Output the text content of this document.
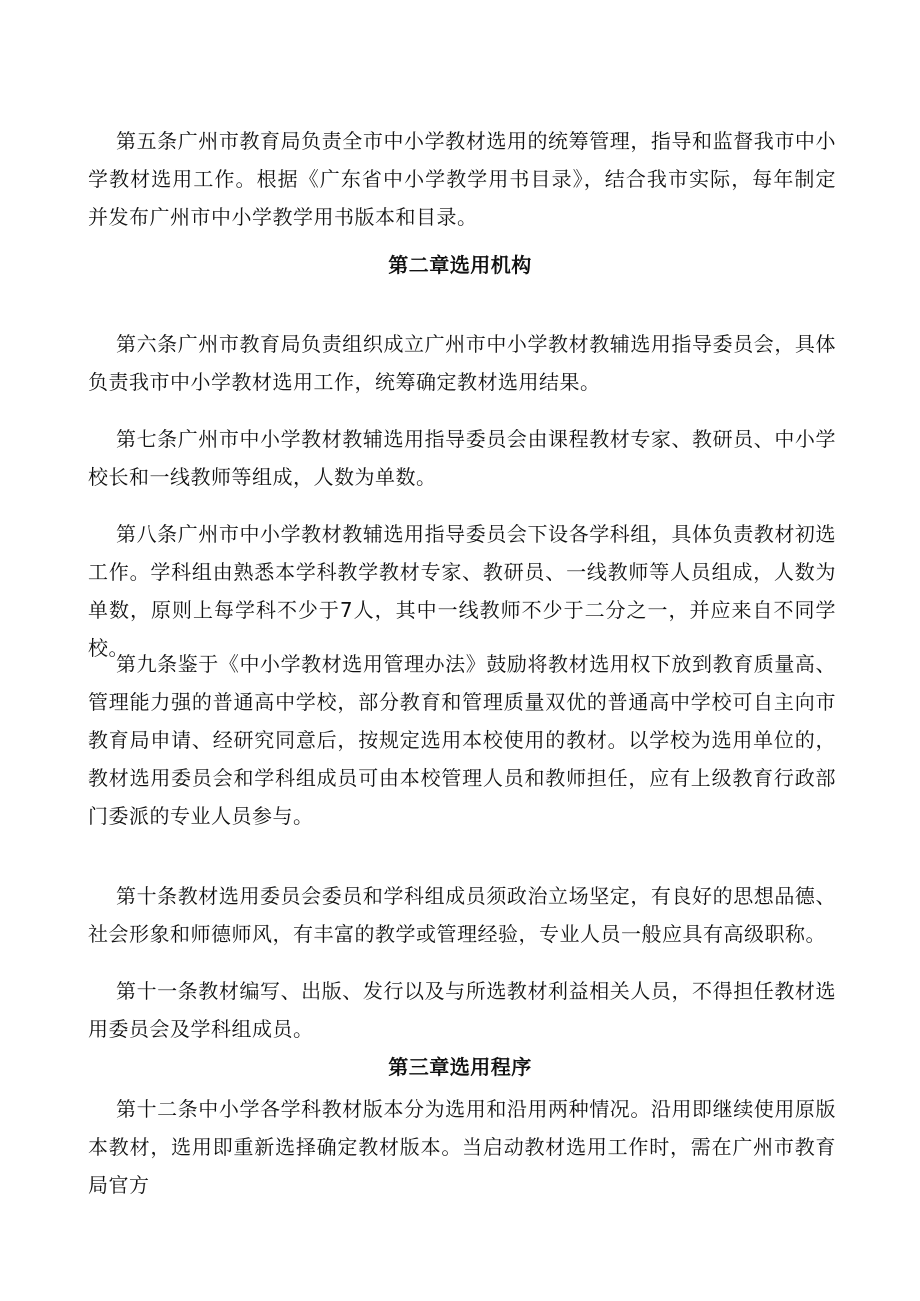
第五条广州市教育局负责全市中小学教材选用的统筹管理，指导和监督我市中小学教材选用工作。根据《广东省中小学教学用书目录》，结合我市实际，每年制定并发布广州市中小学教学用书版本和目录。

第二章选用机构

第六条广州市教育局负责组织成立广州市中小学教材教辅选用指导委员会，具体负责我市中小学教材选用工作，统筹确定教材选用结果。

第七条广州市中小学教材教辅选用指导委员会由课程教材专家、教研员、中小学校长和一线教师等组成，人数为单数。

第八条广州市中小学教材教辅选用指导委员会下设各学科组，具体负责教材初选工作。学科组由熟悉本学科教学教材专家、教研员、一线教师等人员组成，人数为单数，原则上每学科不少于7人，其中一线教师不少于二分之一，并应来自不同学校。

第九条鉴于《中小学教材选用管理办法》鼓励将教材选用权下放到教育质量高、管理能力强的普通高中学校，部分教育和管理质量双优的普通高中学校可自主向市教育局申请、经研究同意后，按规定选用本校使用的教材。以学校为选用单位的，教材选用委员会和学科组成员可由本校管理人员和教师担任，应有上级教育行政部门委派的专业人员参与。

第十条教材选用委员会委员和学科组成员须政治立场坚定，有良好的思想品德、社会形象和师德师风，有丰富的教学或管理经验，专业人员一般应具有高级职称。

第十一条教材编写、出版、发行以及与所选教材利益相关人员，不得担任教材选用委员会及学科组成员。

第三章选用程序

第十二条中小学各学科教材版本分为选用和沿用两种情况。沿用即继续使用原版本教材，选用即重新选择确定教材版本。当启动教材选用工作时，需在广州市教育局官方
